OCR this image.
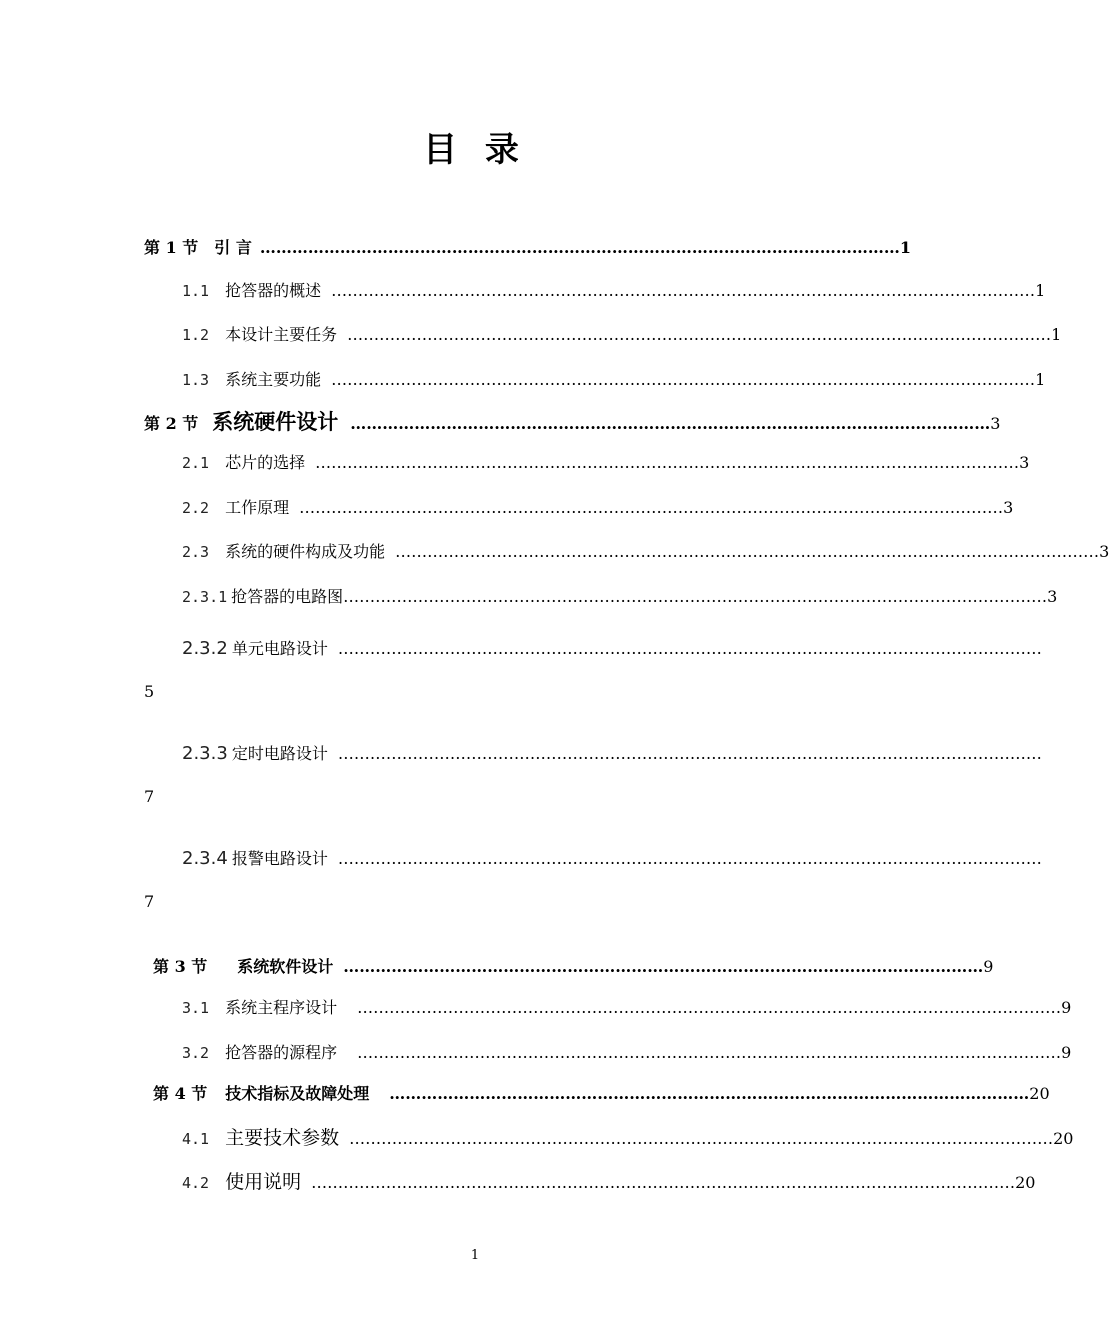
目 录
第 1 节 引 言 ………………………………………………………………………………………………………… 1
1.1 抢答器的概述 …………………………………………………………………………………………………………………… 1
1.2 本设计主要任务 …………………………………………………………………………………………………………………… 1
1.3 系统主要功能 …………………………………………………………………………………………………………………… 1
第 2 节 系统硬件设计 ………………………………………………………………………………………………………… 3
2.1 芯片的选择 …………………………………………………………………………………………………………………… 3
2.2 工作原理 …………………………………………………………………………………………………………………… 3
2.3 系统的硬件构成及功能 …………………………………………………………………………………………………………………… 3
2.3.1 抢答器的电路图 …………………………………………………………………………………………………………………… 3
2.3.2 单元电路设计 ……………………………………………………………………………………………………………………
5
2.3.3 定时电路设计 ……………………………………………………………………………………………………………………
7
2.3.4 报警电路设计 ……………………………………………………………………………………………………………………
7
第 3 节 系统软件设计 ………………………………………………………………………………………………………… 9
3.1 系统主程序设计 …………………………………………………………………………………………………………………… 9
3.2 抢答器的源程序 …………………………………………………………………………………………………………………… 9
第 4 节 技术指标及故障处理 ………………………………………………………………………………………………………… 20
4.1 主要技术参数 …………………………………………………………………………………………………………………… 20
4.2 使用说明 …………………………………………………………………………………………………………………… 20
1
